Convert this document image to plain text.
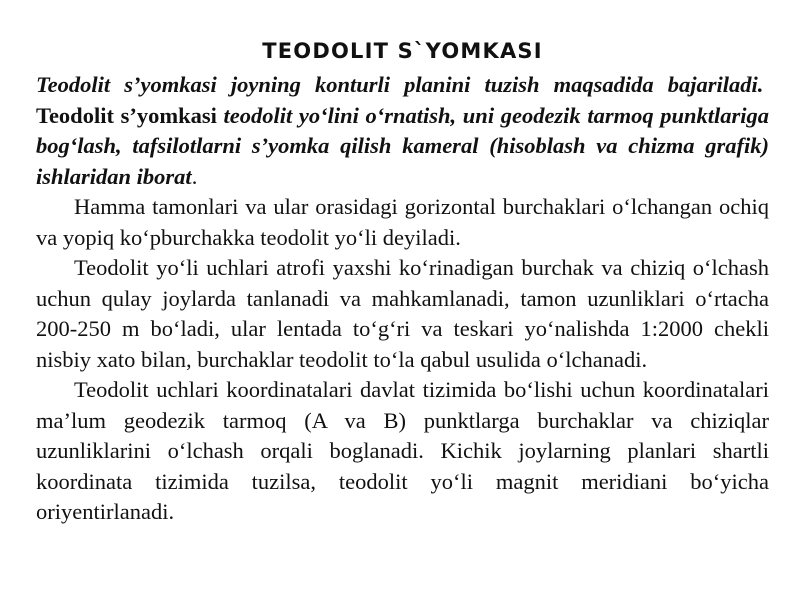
TEODOLIT S`YOMKASI

Teodolit s’yomkasi joyning konturli planini tuzish maqsadida bajariladi.  Teodolit s’yomkasi teodolit yo‘lini o‘rnatish, uni geodezik tarmoq punktlariga bog‘lash, tafsilotlarni s’yomka qilish kameral (hisoblash va chizma grafik) ishlaridan iborat.

Hamma tamonlari va ular orasidagi gorizontal burchaklari o‘lchangan ochiq va yopiq ko‘pburchakka teodolit yo‘li deyiladi.

Teodolit yo‘li uchlari atrofi yaxshi ko‘rinadigan burchak va chiziq o‘lchash uchun qulay joylarda tanlanadi va mahkamlanadi, tamon uzunliklari o‘rtacha 200-250 m bo‘ladi, ular lentada to‘g‘ri va teskari yo‘nalishda 1:2000 chekli nisbiy xato bilan, burchaklar teodolit to‘la qabul usulida o‘lchanadi.

Teodolit uchlari koordinatalari davlat tizimida bo‘lishi uchun koordinatalari ma’lum geodezik tarmoq (A va B) punktlarga burchaklar va chiziqlar uzunliklarini o‘lchash orqali boglanadi. Kichik joylarning planlari shartli koordinata tizimida tuzilsa, teodolit yo‘li magnit meridiani bo‘yicha oriyentirlanadi.
